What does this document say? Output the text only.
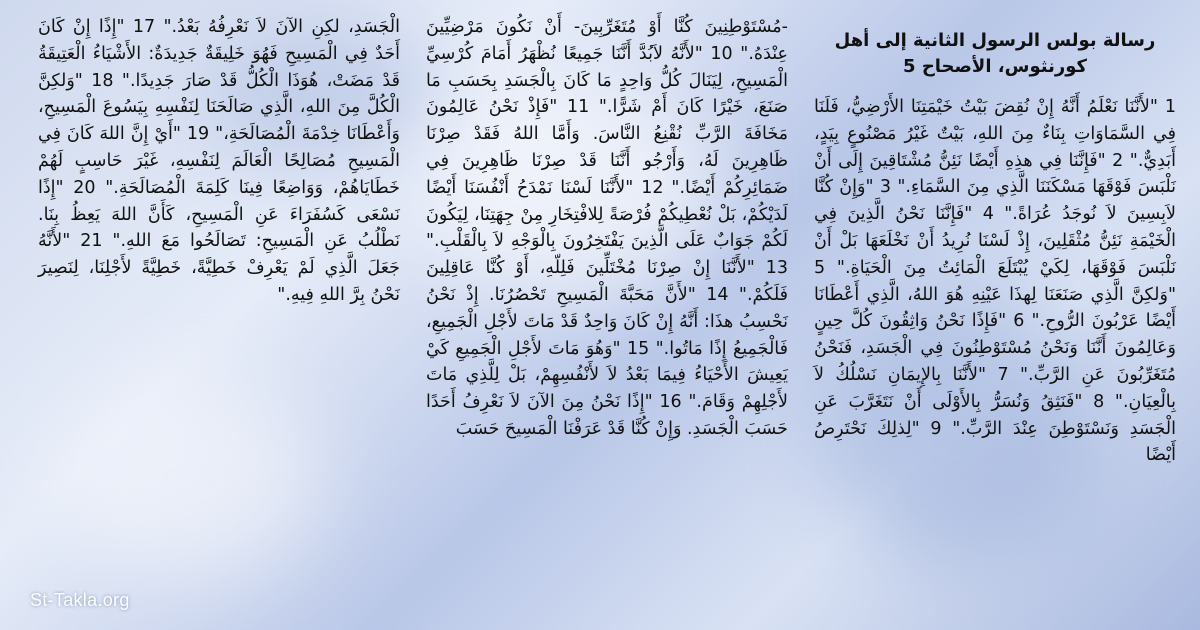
رسالة بولس الرسول الثانية إلى أهل كورنثوس، الأصحاح 5

1 "لأَنَّنَا نَعْلَمُ أَنَّهُ إِنْ نُقِضَ بَيْتُ خَيْمَتِنَا الأَرْضِيُّ، فَلَنَا فِي السَّمَاوَاتِ بِنَاءٌ مِنَ اللهِ، بَيْتٌ غَيْرُ مَصْنُوعٍ بِيَدٍ، أَبَدِيٌّ." 2 "فَإِنَّنَا فِي هذِهِ أَيْضًا نَئِنُّ مُشْتَاقِينَ إِلَى أَنْ نَلْبَسَ فَوْقَهَا مَسْكَنَنَا الَّذِي مِنَ السَّمَاءِ." 3 "وَإِنْ كُنَّا لاَبِسِينَ لاَ نُوجَدُ عُرَاةً." 4 "فَإِنَّنَا نَحْنُ الَّذِينَ فِي الْخَيْمَةِ نَئِنُّ مُثْقَلِينَ، إِذْ لَسْنَا نُرِيدُ أَنْ نَخْلَعَهَا بَلْ أَنْ نَلْبَسَ فَوْقَهَا، لِكَيْ يُبْتَلَعَ الْمَائِتُ مِنَ الْحَيَاةِ." 5 "وَلكِنَّ الَّذِي صَنَعَنَا لِهذَا عَيْنِهِ هُوَ اللهُ، الَّذِي أَعْطَانَا أَيْضًا عَرْبُونَ الرُّوحِ." 6 "فَإِذًا نَحْنُ وَاثِقُونَ كُلَّ حِينٍ وَعَالِمُونَ أَنَّنَا وَنَحْنُ مُسْتَوْطِنُونَ فِي الْجَسَدِ، فَنَحْنُ مُتَغَرِّبُونَ عَنِ الرَّبِّ." 7 "لأَنَّنَا بِالإِيمَانِ نَسْلُكُ لاَ بِالْعِيَانِ." 8 "فَنَثِقُ وَنُسَرُّ بِالأَوْلَى أَنْ نَتَغَرَّبَ عَنِ الْجَسَدِ وَنَسْتَوْطِنَ عِنْدَ الرَّبِّ." 9 "لِذلِكَ نَحْتَرِصُ أَيْضًا

-مُسْتَوْطِنِينَ كُنَّا أَوْ مُتَغَرِّبِينَ- أَنْ نَكُونَ مَرْضِيِّينَ عِنْدَهُ." 10 "لأَنَّهُ لاَبُدَّ أَنَّنَا جَمِيعًا نُظْهَرُ أَمَامَ كُرْسِيِّ الْمَسِيحِ، لِيَنَالَ كُلُّ وَاحِدٍ مَا كَانَ بِالْجَسَدِ بِحَسَبِ مَا صَنَعَ، خَيْرًا كَانَ أَمْ شَرًّا." 11 "فَإِذْ نَحْنُ عَالِمُونَ مَخَافَةَ الرَّبِّ نُقْنِعُ النَّاسَ. وَأَمَّا اللهُ فَقَدْ صِرْنَا ظَاهِرِينَ لَهُ، وَأَرْجُو أَنَّنَا قَدْ صِرْنَا ظَاهِرِينَ فِي ضَمَائِرِكُمْ أَيْضًا." 12 "لأَنَّنَا لَسْنَا نَمْدَحُ أَنْفُسَنَا أَيْضًا لَدَيْكُمْ، بَلْ نُعْطِيكُمْ فُرْصَةً لِلافْتِخَارِ مِنْ جِهَتِنَا، لِيَكُونَ لَكُمْ جَوَابٌ عَلَى الَّذِينَ يَفْتَخِرُونَ بِالْوَجْهِ لاَ بِالْقَلْبِ." 13 "لأَنَّنَا إِنْ صِرْنَا مُخْتَلِّينَ فَلِلّهِ، أَوْ كُنَّا عَاقِلِينَ فَلَكُمْ." 14 "لأَنَّ مَحَبَّةَ الْمَسِيحِ تَحْصُرُنَا. إِذْ نَحْنُ نَحْسِبُ هذَا: أَنَّهُ إِنْ كَانَ وَاحِدٌ قَدْ مَاتَ لأَجْلِ الْجَمِيعِ، فَالْجَمِيعُ إِذًا مَاتُوا." 15 "وَهُوَ مَاتَ لأَجْلِ الْجَمِيعِ كَيْ يَعِيشَ الأَحْيَاءُ فِيمَا بَعْدُ لاَ لأَنْفُسِهِمْ، بَلْ لِلَّذِي مَاتَ لأَجْلِهِمْ وَقَامَ." 16 "إِذًا نَحْنُ مِنَ الآنَ لاَ نَعْرِفُ أَحَدًا حَسَبَ الْجَسَدِ. وَإِنْ كُنَّا قَدْ عَرَفْنَا الْمَسِيحَ حَسَبَ

الْجَسَدِ، لكِنِ الآنَ لاَ نَعْرِفُهُ بَعْدُ." 17 "إِذًا إِنْ كَانَ أَحَدٌ فِي الْمَسِيحِ فَهُوَ خَلِيقَةٌ جَدِيدَةٌ: الأَشْيَاءُ الْعَتِيقَةُ قَدْ مَضَتْ، هُوَذَا الْكُلُّ قَدْ صَارَ جَدِيدًا." 18 "وَلكِنَّ الْكُلَّ مِنَ اللهِ، الَّذِي صَالَحَنَا لِنَفْسِهِ بِيَسُوعَ الْمَسِيحِ، وَأَعْطَانَا خِدْمَةَ الْمُصَالَحَةِ،" 19 "أَيْ إِنَّ اللهَ كَانَ فِي الْمَسِيحِ مُصَالِحًا الْعَالَمَ لِنَفْسِهِ، غَيْرَ حَاسِبٍ لَهُمْ خَطَايَاهُمْ، وَوَاضِعًا فِينَا كَلِمَةَ الْمُصَالَحَةِ." 20 "إِذًا نَسْعَى كَسُفَرَاءَ عَنِ الْمَسِيحِ، كَأَنَّ اللهَ يَعِظُ بِنَا. نَطْلُبُ عَنِ الْمَسِيحِ: تَصَالَحُوا مَعَ اللهِ." 21 "لأَنَّهُ جَعَلَ الَّذِي لَمْ يَعْرِفْ خَطِيَّةً، خَطِيَّةً لأَجْلِنَا، لِنَصِيرَ نَحْنُ بِرَّ اللهِ فِيهِ."

St-Takla.org
